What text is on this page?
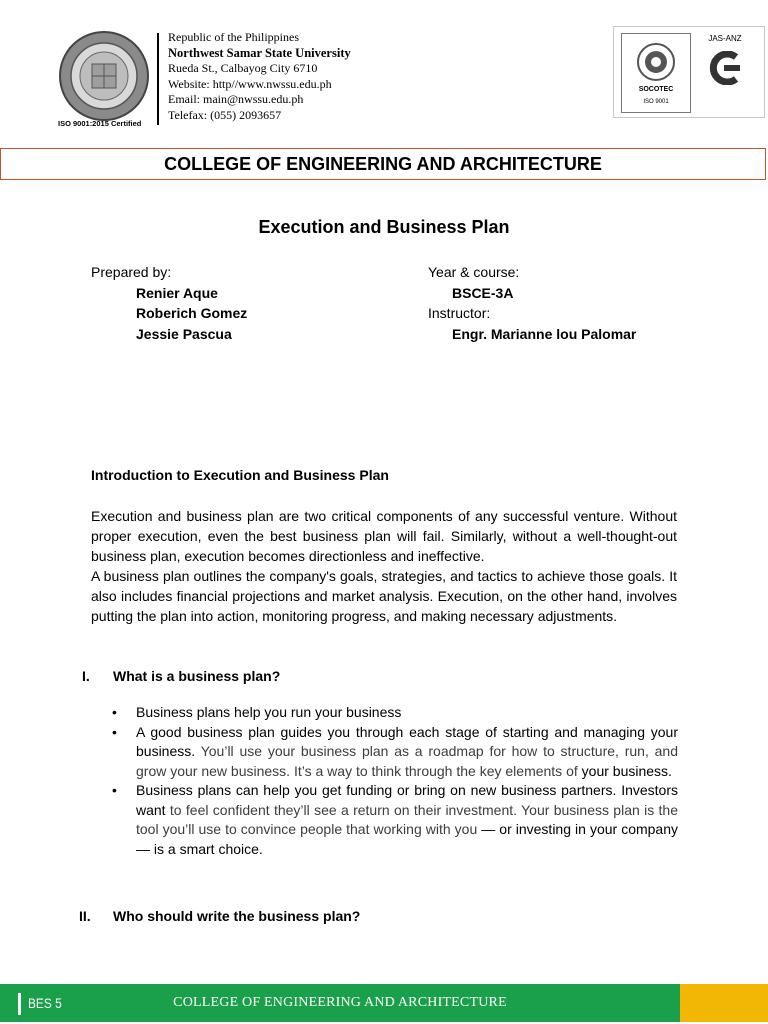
ISO 9001:2015 Certified
Republic of the Philippines
Northwest Samar State University
Rueda St., Calbayog City 6710
Website: http//www.nwssu.edu.ph
Email: main@nwssu.edu.ph
Telefax: (055) 2093657
SOCOTEC
ISO 9001
JAS-ANZ
COLLEGE OF ENGINEERING AND ARCHITECTURE
Execution and Business Plan
Prepared by:
Renier Aque
Roberich Gomez
Jessie Pascua
Year & course:
BSCE-3A
Instructor:
Engr. Marianne lou Palomar
Introduction to Execution and Business Plan
Execution and business plan are two critical components of any successful venture. Without proper execution, even the best business plan will fail. Similarly, without a well-thought-out business plan, execution becomes directionless and ineffective.
A business plan outlines the company's goals, strategies, and tactics to achieve those goals. It also includes financial projections and market analysis. Execution, on the other hand, involves putting the plan into action, monitoring progress, and making necessary adjustments.
I. What is a business plan?
• Business plans help you run your business
• A good business plan guides you through each stage of starting and managing your business. You’ll use your business plan as a roadmap for how to structure, run, and grow your new business. It’s a way to think through the key elements of your business.
• Business plans can help you get funding or bring on new business partners. Investors want to feel confident they’ll see a return on their investment. Your business plan is the tool you’ll use to convince people that working with you — or investing in your company — is a smart choice.
II. Who should write the business plan?
BES 5	COLLEGE OF ENGINEERING AND ARCHITECTURE
